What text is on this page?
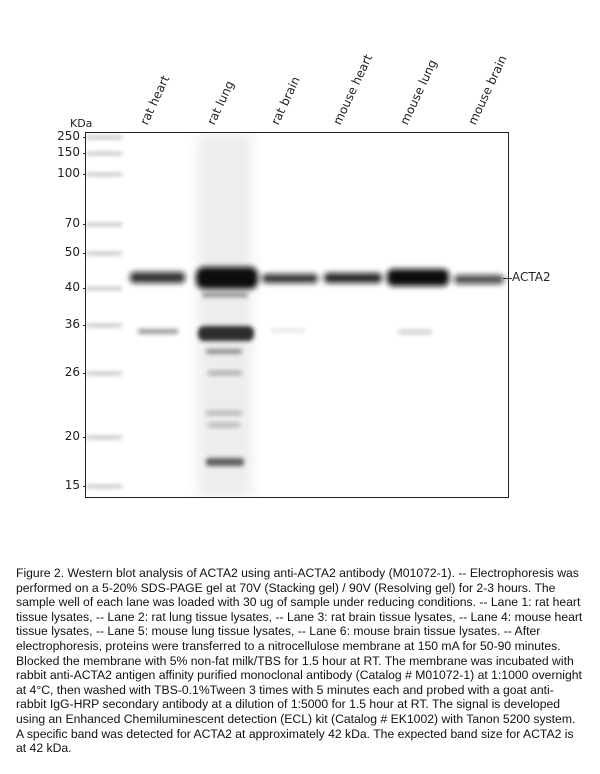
rat heart	rat lung	rat brain mouse heart mouse lung mouse brain
KDa
250
150
100
70
50
40
36
26
20
15
ACTA2

Figure 2. Western blot analysis of ACTA2 using anti-ACTA2 antibody (M01072-1). -- Electrophoresis was performed on a 5-20% SDS-PAGE gel at 70V (Stacking gel) / 90V (Resolving gel) for 2-3 hours. The sample well of each lane was loaded with 30 ug of sample under reducing conditions. -- Lane 1: rat heart tissue lysates, -- Lane 2: rat lung tissue lysates, -- Lane 3: rat brain tissue lysates, -- Lane 4: mouse heart tissue lysates, -- Lane 5: mouse lung tissue lysates, -- Lane 6: mouse brain tissue lysates. -- After electrophoresis, proteins were transferred to a nitrocellulose membrane at 150 mA for 50-90 minutes. Blocked the membrane with 5% non-fat milk/TBS for 1.5 hour at RT. The membrane was incubated with rabbit anti-ACTA2 antigen affinity purified monoclonal antibody (Catalog # M01072-1) at 1:1000 overnight at 4°C, then washed with TBS-0.1%Tween 3 times with 5 minutes each and probed with a goat anti-rabbit IgG-HRP secondary antibody at a dilution of 1:5000 for 1.5 hour at RT. The signal is developed using an Enhanced Chemiluminescent detection (ECL) kit (Catalog # EK1002) with Tanon 5200 system. A specific band was detected for ACTA2 at approximately 42 kDa. The expected band size for ACTA2 is at 42 kDa.
